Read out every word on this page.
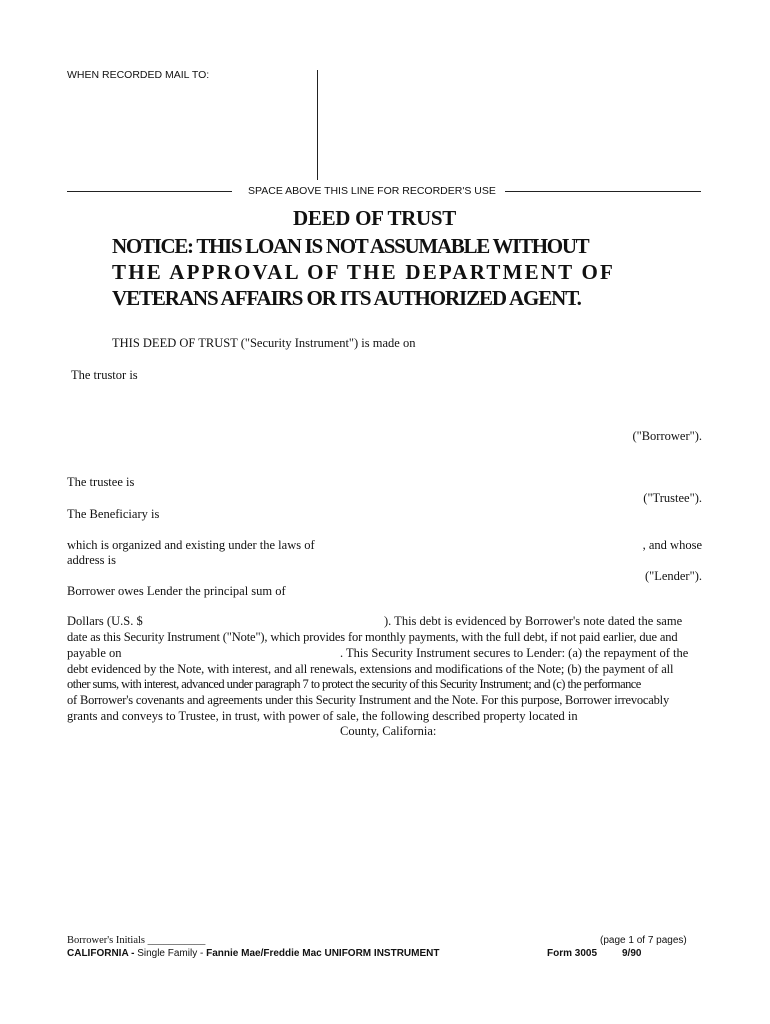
WHEN RECORDED MAIL TO:
SPACE ABOVE THIS LINE FOR RECORDER'S USE
DEED OF TRUST
NOTICE: THIS LOAN IS NOT ASSUMABLE WITHOUT
THE APPROVAL OF THE DEPARTMENT OF
VETERANS AFFAIRS OR ITS AUTHORIZED AGENT.
THIS DEED OF TRUST ("Security Instrument") is made on
The trustor is
("Borrower").
The trustee is
("Trustee").
The Beneficiary is
which is organized and existing under the laws of	, and whose
address is
("Lender").
Borrower owes Lender the principal sum of
Dollars (U.S. $	). This debt is evidenced by Borrower's note dated the same
date as this Security Instrument ("Note"), which provides for monthly payments, with the full debt, if not paid earlier, due and
payable on	. This Security Instrument secures to Lender: (a) the repayment of the
debt evidenced by the Note, with interest, and all renewals, extensions and modifications of the Note; (b) the payment of all
other sums, with interest, advanced under paragraph 7 to protect the security of this Security Instrument; and (c) the performance
of Borrower's covenants and agreements under this Security Instrument and the Note. For this purpose, Borrower irrevocably
grants and conveys to Trustee, in trust, with power of sale, the following described property located in
County, California:
Borrower's Initials ___________
CALIFORNIA - Single Family - Fannie Mae/Freddie Mac UNIFORM INSTRUMENT
(page 1 of 7 pages)
Form 3005 9/90
